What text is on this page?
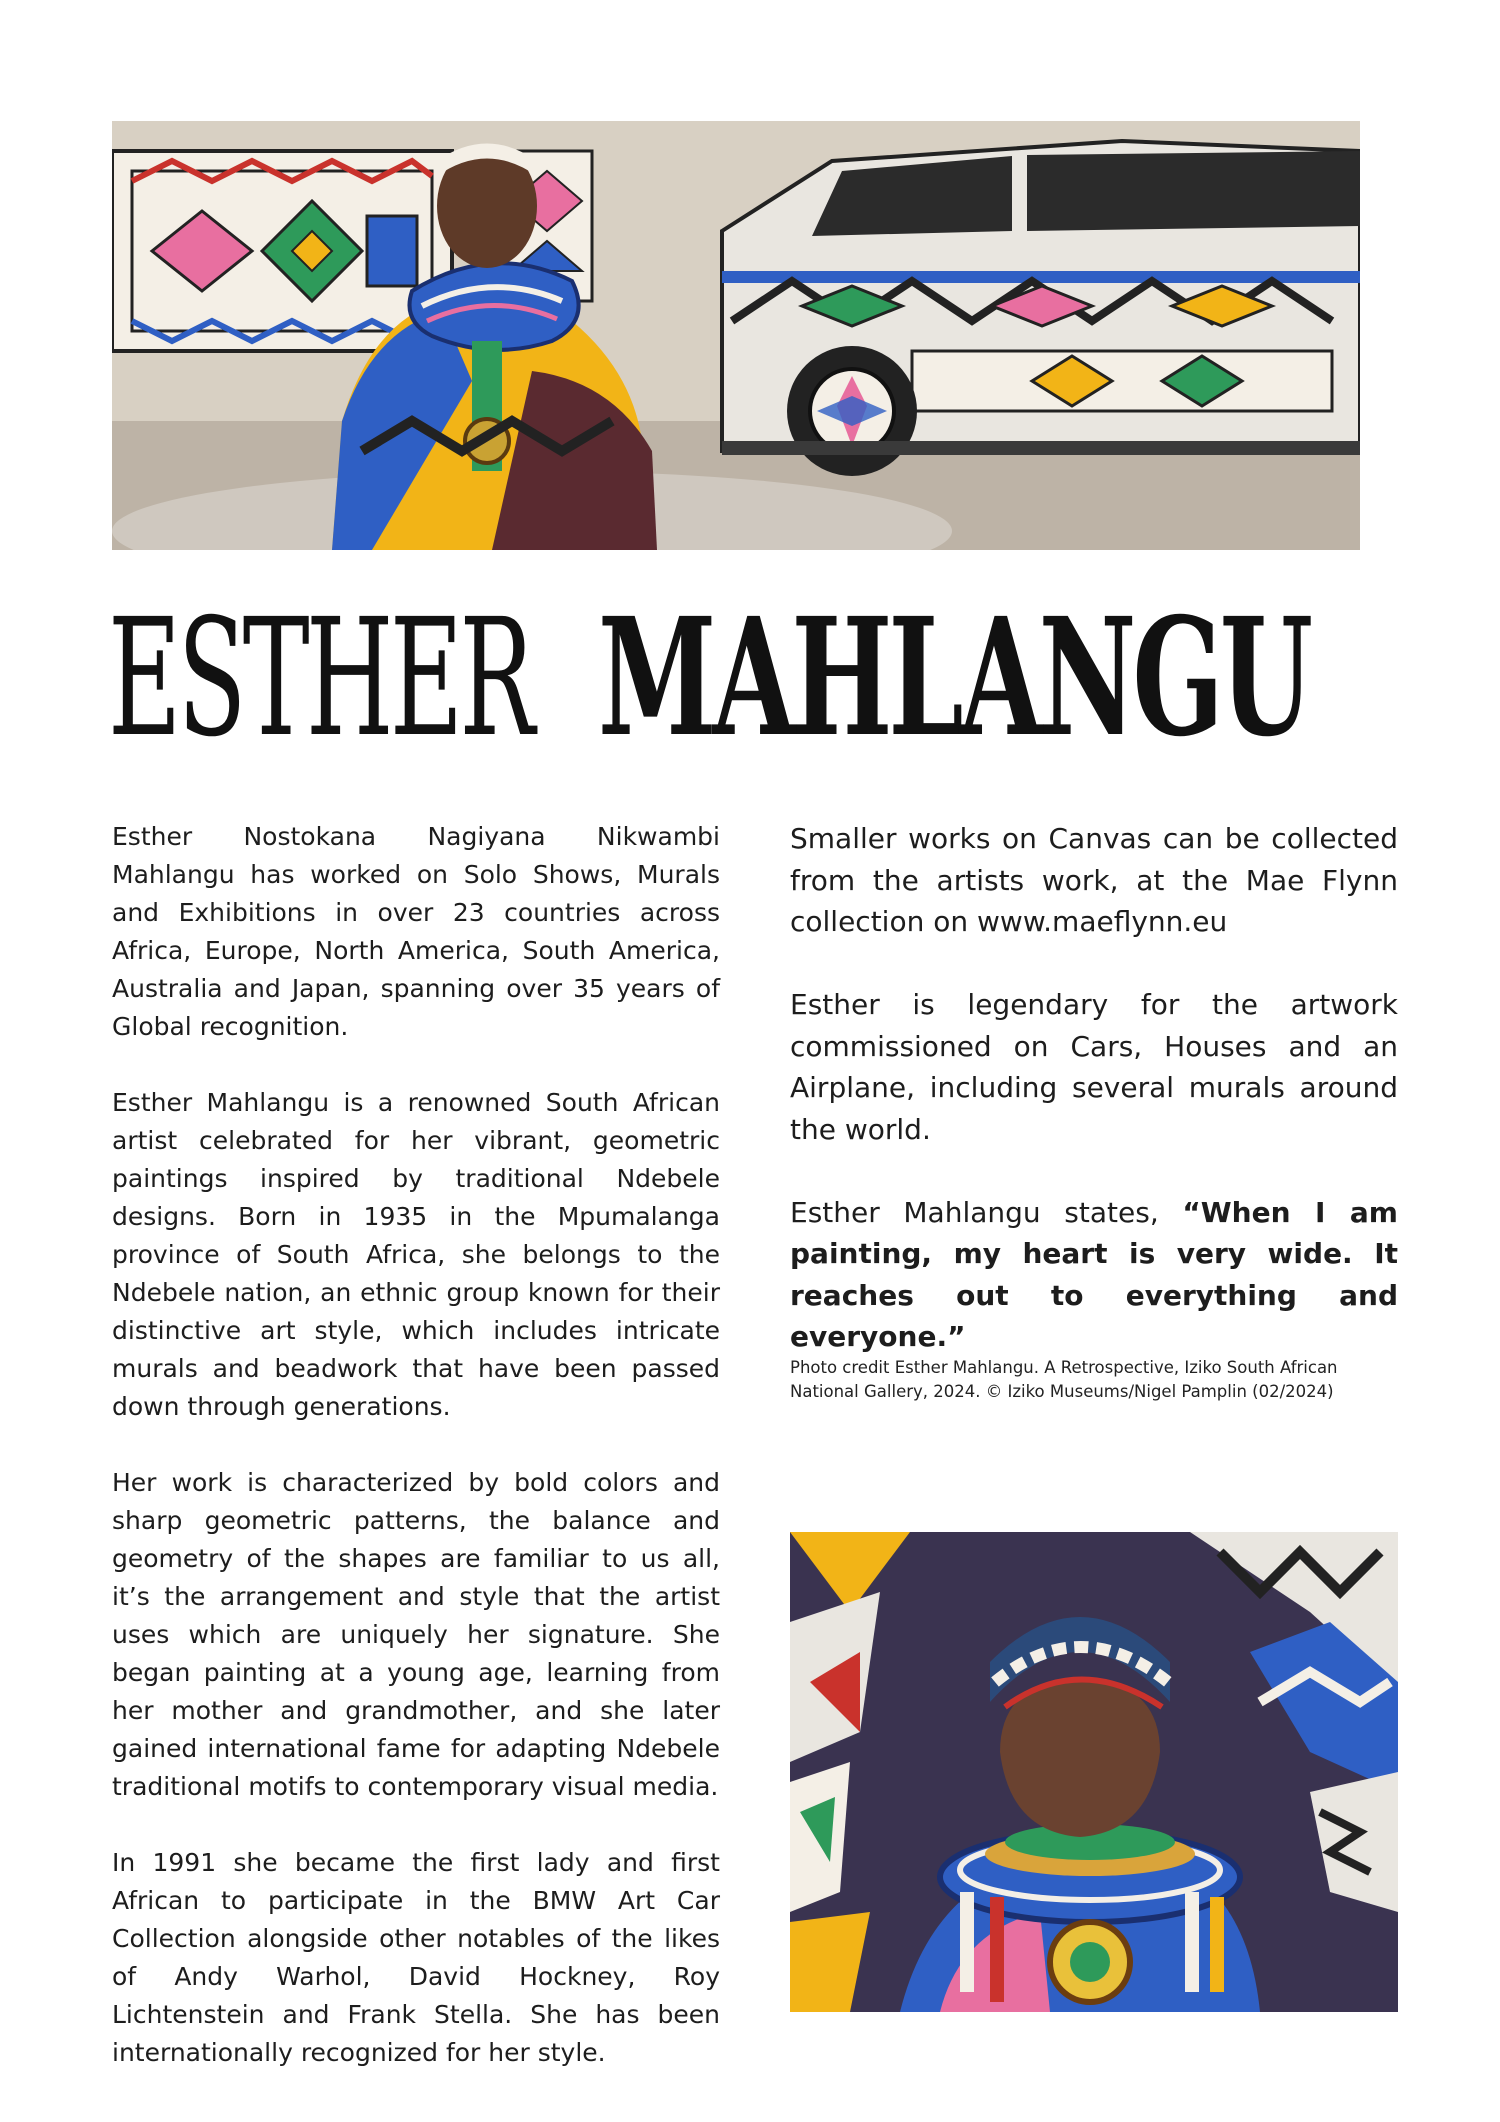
ESTHER MAHLANGU

Esther Nostokana Nagiyana Nikwambi Mahlangu has worked on Solo Shows, Murals and Exhibitions in over 23 countries across Africa, Europe, North America, South America, Australia and Japan, spanning over 35 years of Global recognition.

Esther Mahlangu is a renowned South African artist celebrated for her vibrant, geometric paintings inspired by traditional Ndebele designs. Born in 1935 in the Mpumalanga province of South Africa, she belongs to the Ndebele nation, an ethnic group known for their distinctive art style, which includes intricate murals and beadwork that have been passed down through generations.

Her work is characterized by bold colors and sharp geometric patterns, the balance and geometry of the shapes are familiar to us all, it’s the arrangement and style that the artist uses which are uniquely her signature. She began painting at a young age, learning from her mother and grandmother, and she later gained international fame for adapting Ndebele traditional motifs to contemporary visual media.

In 1991 she became the first lady and first African to participate in the BMW Art Car Collection alongside other notables of the likes of Andy Warhol, David Hockney, Roy Lichtenstein and Frank Stella. She has been internationally recognized for her style.

Smaller works on Canvas can be collected from the artists work, at the Mae Flynn collection on www.maeflynn.eu

Esther is legendary for the artwork commissioned on Cars, Houses and an Airplane, including several murals around the world.

Esther Mahlangu states, “When I am painting, my heart is very wide. It reaches out to everything and everyone.”

Photo credit Esther Mahlangu. A Retrospective, Iziko South African National Gallery, 2024. © Iziko Museums/Nigel Pamplin (02/2024)
